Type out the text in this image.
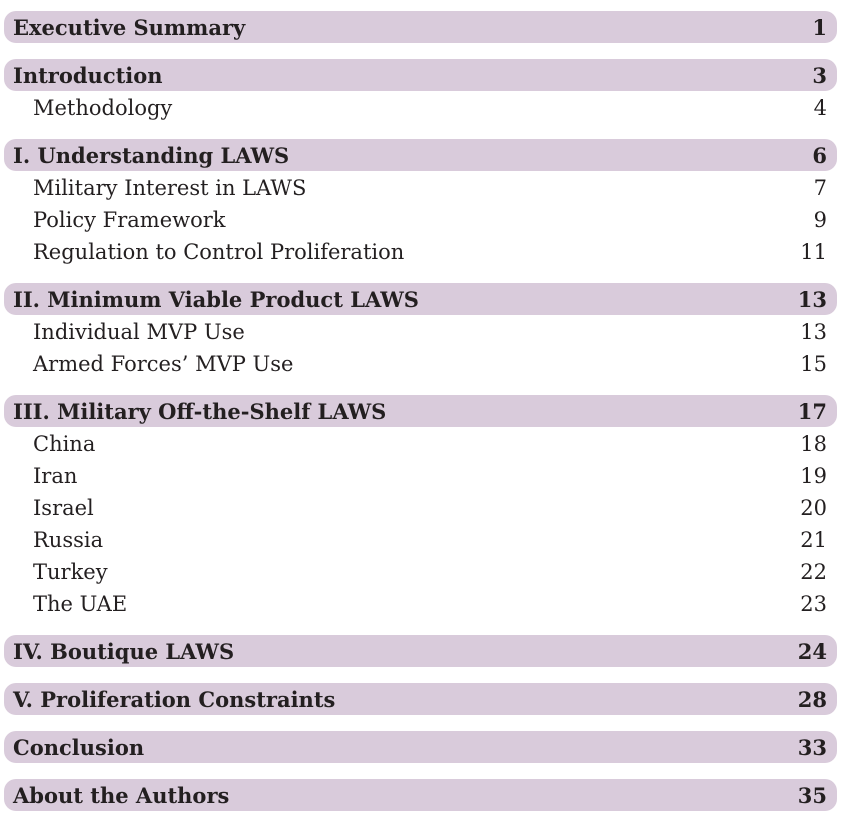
Executive Summary	1
Introduction	3
Methodology	4
I. Understanding LAWS	6
Military Interest in LAWS	7
Policy Framework	9
Regulation to Control Proliferation	11
II. Minimum Viable Product LAWS	13
Individual MVP Use	13
Armed Forces’ MVP Use	15
III. Military Off-the-Shelf LAWS	17
China	18
Iran	19
Israel	20
Russia	21
Turkey	22
The UAE	23
IV. Boutique LAWS	24
V. Proliferation Constraints	28
Conclusion	33
About the Authors	35
